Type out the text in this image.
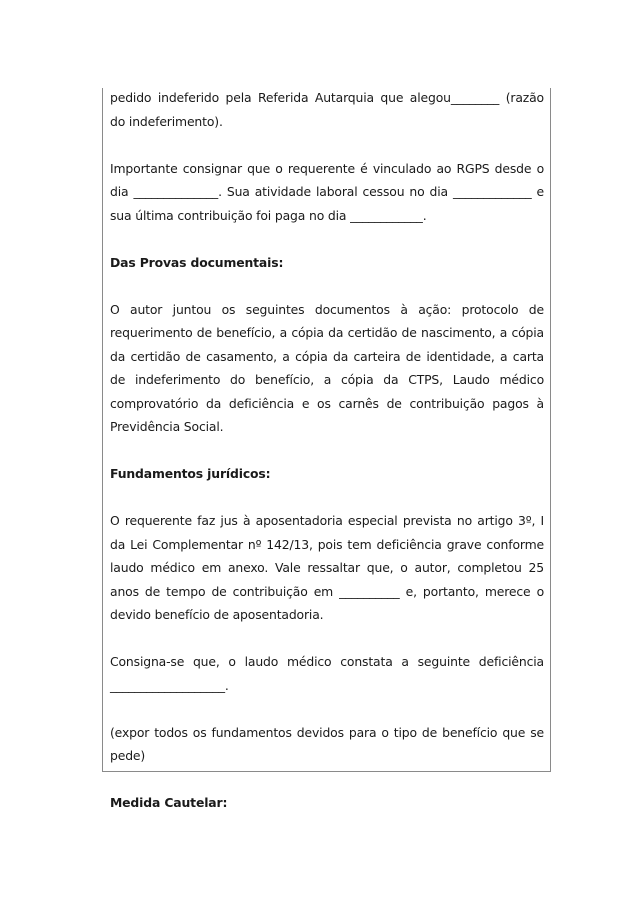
pedido indeferido pela Referida Autarquia que alegou________ (razão do indeferimento).

Importante consignar que o requerente é vinculado ao RGPS desde o dia ______________. Sua atividade laboral cessou no dia _____________ e sua última contribuição foi paga no dia ____________.

Das Provas documentais:

O autor juntou os seguintes documentos à ação: protocolo de requerimento de benefício, a cópia da certidão de nascimento, a cópia da certidão de casamento, a cópia da carteira de identidade, a carta de indeferimento do benefício, a cópia da CTPS, Laudo médico comprovatório da deficiência e os carnês de contribuição pagos à Previdência Social.

Fundamentos jurídicos:

O requerente faz jus à aposentadoria especial prevista no artigo 3º, I da Lei Complementar nº 142/13, pois tem deficiência grave conforme laudo médico em anexo. Vale ressaltar que, o autor, completou 25 anos de tempo de contribuição em __________ e, portanto, merece o devido benefício de aposentadoria.

Consigna-se que, o laudo médico constata a seguinte deficiência ___________________.

(expor todos os fundamentos devidos para o tipo de benefício que se pede)

Medida Cautelar:
